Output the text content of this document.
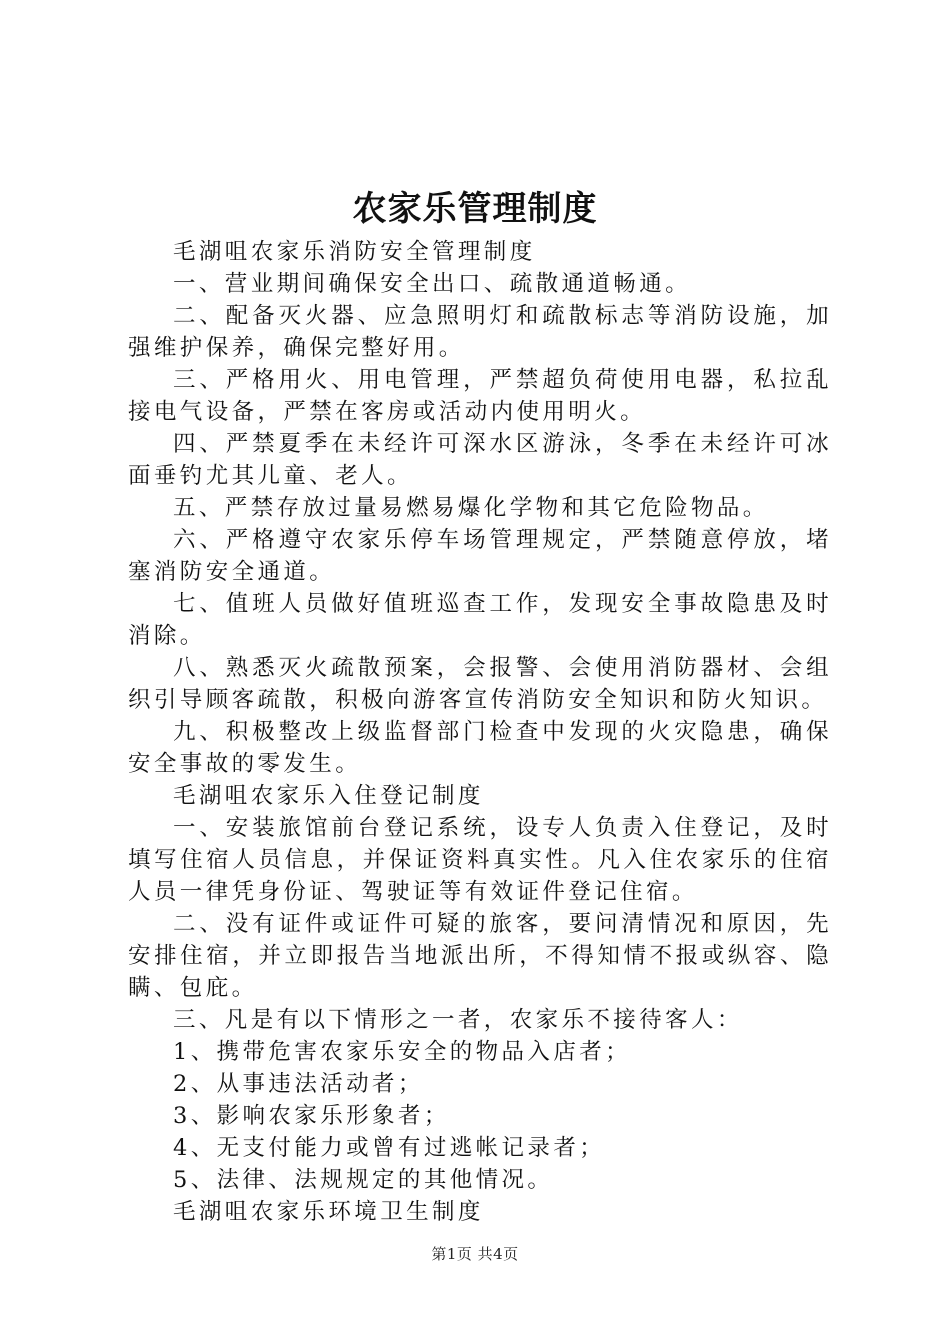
农家乐管理制度

毛湖咀农家乐消防安全管理制度

一、营业期间确保安全出口、疏散通道畅通。

二、配备灭火器、应急照明灯和疏散标志等消防设施，加强维护保养，确保完整好用。

三、严格用火、用电管理，严禁超负荷使用电器，私拉乱接电气设备，严禁在客房或活动内使用明火。

四、严禁夏季在未经许可深水区游泳，冬季在未经许可冰面垂钓尤其儿童、老人。

五、严禁存放过量易燃易爆化学物和其它危险物品。

六、严格遵守农家乐停车场管理规定，严禁随意停放，堵塞消防安全通道。

七、值班人员做好值班巡查工作，发现安全事故隐患及时消除。

八、熟悉灭火疏散预案，会报警、会使用消防器材、会组织引导顾客疏散，积极向游客宣传消防安全知识和防火知识。

九、积极整改上级监督部门检查中发现的火灾隐患，确保安全事故的零发生。

毛湖咀农家乐入住登记制度

一、安装旅馆前台登记系统，设专人负责入住登记，及时填写住宿人员信息，并保证资料真实性。凡入住农家乐的住宿人员一律凭身份证、驾驶证等有效证件登记住宿。

二、没有证件或证件可疑的旅客，要问清情况和原因，先安排住宿，并立即报告当地派出所，不得知情不报或纵容、隐瞒、包庇。

三、凡是有以下情形之一者，农家乐不接待客人：

1、携带危害农家乐安全的物品入店者；

2、从事违法活动者；

3、影响农家乐形象者；

4、无支付能力或曾有过逃帐记录者；

5、法律、法规规定的其他情况。

毛湖咀农家乐环境卫生制度

第1页 共4页
